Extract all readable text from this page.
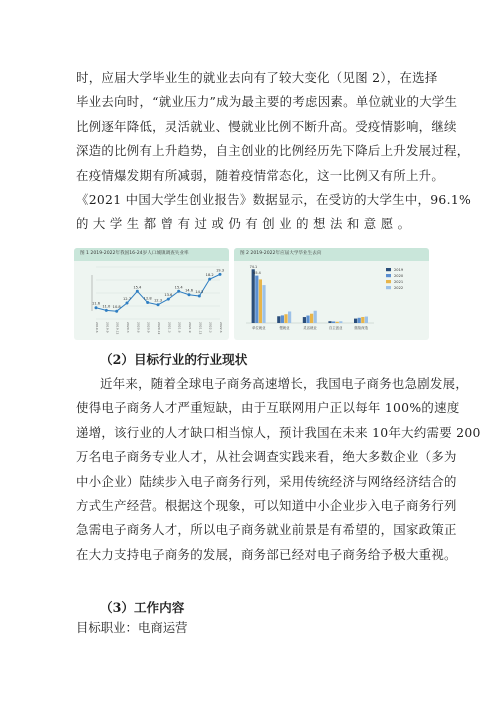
时，应届大学毕业生的就业去向有了较大变化（见图 2），在选择
毕业去向时，“就业压力”成为最主要的考虑因素。单位就业的大学生
比例逐年降低，灵活就业、慢就业比例不断升高。受疫情影响，继续
深造的比例有上升趋势，自主创业的比例经历先下降后上升发展过程，
在疫情爆发期有所减弱，随着疫情常态化，这一比例又有所上升。
《2021 中国大学生创业报告》数据显示，在受访的大学生中，96.1%
的 大 学 生 都 曾 有 过 或 仍 有 创 业 的 想 法 和 意 愿 。
图 1 2019-2022年我国16-24岁人口城镇调查失业率
11.6
2019.6
11.0
2019.9
10.8
2019.12
12.7
2020.3
15.4
2020.6
12.8
2020.9
12.3
2020.12
13.6
2021.3
15.4
2021.6
14.6
2021.9
14.3
2021.12
18.2
2022.3
19.3
2022.6
图 2 2019-2022年应届大学毕业生去向
单位就业	慢就业	灵活就业	自主创业	继续深造
74.1
65.4
2019
2020
2021
2022
（2）目标行业的行业现状
近年来，随着全球电子商务高速增长，我国电子商务也急剧发展，
使得电子商务人才严重短缺，由于互联网用户正以每年 100%的速度
递增，该行业的人才缺口相当惊人，预计我国在未来 10年大约需要 200
万名电子商务专业人才，从社会调查实践来看，绝大多数企业（多为
中小企业）陆续步入电子商务行列，采用传统经济与网络经济结合的
方式生产经营。根据这个现象，可以知道中小企业步入电子商务行列
急需电子商务人才，所以电子商务就业前景是有希望的，国家政策正
在大力支持电子商务的发展，商务部已经对电子商务给予极大重视。
（3）工作内容
目标职业：电商运营
